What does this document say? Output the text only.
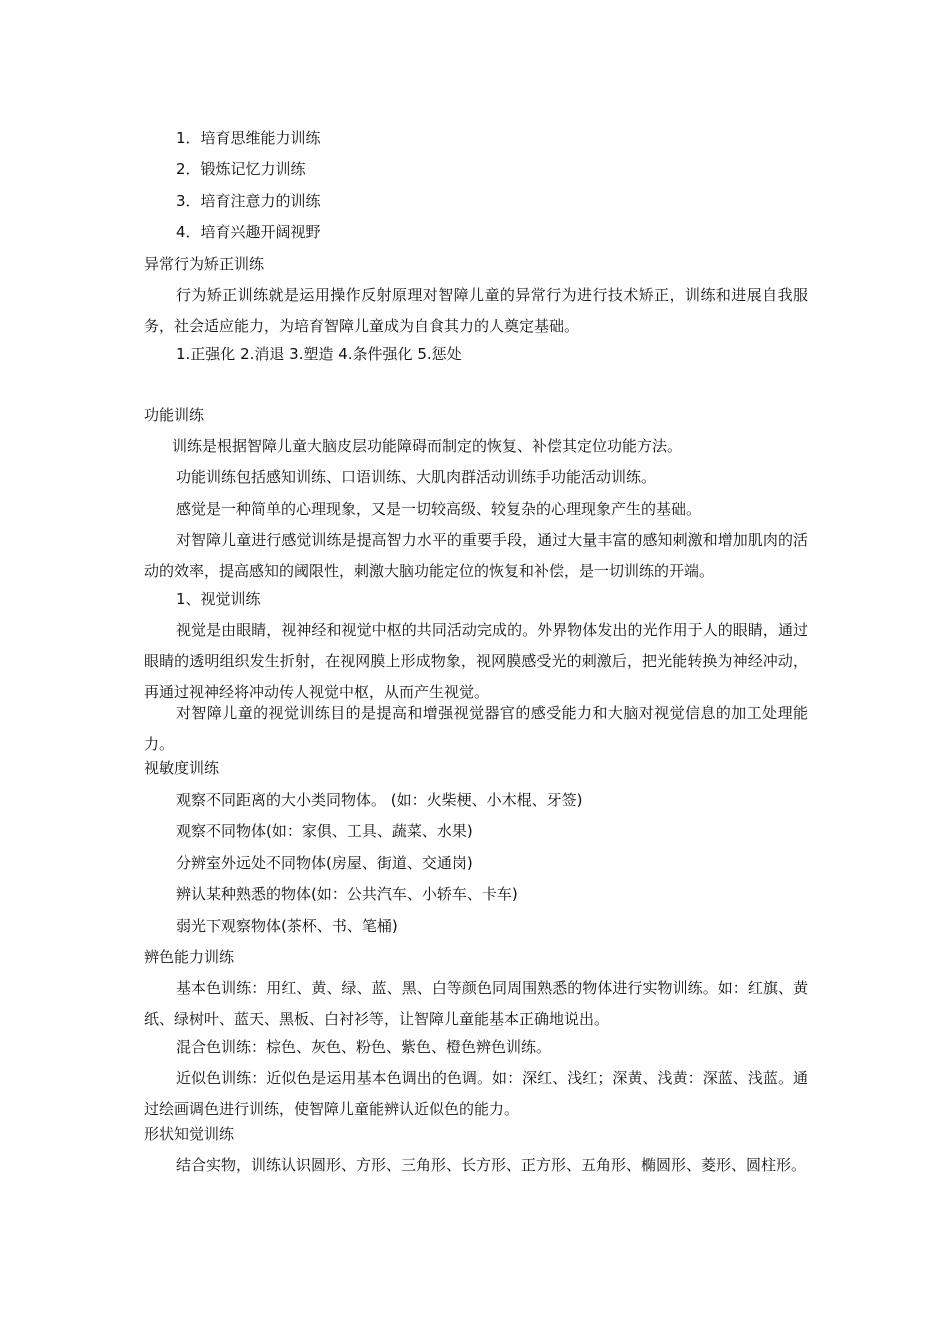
1．培育思维能力训练
2．锻炼记忆力训练
3．培育注意力的训练
4．培育兴趣开阔视野
异常行为矫正训练

行为矫正训练就是运用操作反射原理对智障儿童的异常行为进行技术矫正，训练和进展自我服务，社会适应能力，为培育智障儿童成为自食其力的人奠定基础。

1.正强化 2.消退 3.塑造 4.条件强化 5.惩处
功能训练
训练是根据智障儿童大脑皮层功能障碍而制定的恢复、补偿其定位功能方法。
功能训练包括感知训练、口语训练、大肌肉群活动训练手功能活动训练。
感觉是一种简单的心理现象，又是一切较高级、较复杂的心理现象产生的基础。

对智障儿童进行感觉训练是提高智力水平的重要手段，通过大量丰富的感知刺激和增加肌肉的活动的效率，提高感知的阈限性，刺激大脑功能定位的恢复和补偿，是一切训练的开端。

1、视觉训练

视觉是由眼睛，视神经和视觉中枢的共同活动完成的。外界物体发出的光作用于人的眼睛，通过眼睛的透明组织发生折射，在视网膜上形成物象，视网膜感受光的刺激后，把光能转换为神经冲动，再通过视神经将冲动传人视觉中枢，从而产生视觉。

对智障儿童的视觉训练目的是提高和增强视觉器官的感受能力和大脑对视觉信息的加工处理能力。

视敏度训练
观察不同距离的大小类同物体。 (如：火柴梗、小木棍、牙签)
观察不同物体(如：家俱、工具、蔬菜、水果)
分辨室外远处不同物体(房屋、街道、交通岗)
辨认某种熟悉的物体(如：公共汽车、小轿车、卡车)
弱光下观察物体(茶杯、书、笔桶)
辨色能力训练

基本色训练：用红、黄、绿、蓝、黑、白等颜色同周围熟悉的物体进行实物训练。如：红旗、黄纸、绿树叶、蓝天、黑板、白衬衫等，让智障儿童能基本正确地说出。

混合色训练：棕色、灰色、粉色、紫色、橙色辨色训练。

近似色训练：近似色是运用基本色调出的色调。如：深红、浅红；深黄、浅黄：深蓝、浅蓝。通过绘画调色进行训练，使智障儿童能辨认近似色的能力。

形状知觉训练

结合实物，训练认识圆形、方形、三角形、长方形、正方形、五角形、椭圆形、菱形、圆柱形。
